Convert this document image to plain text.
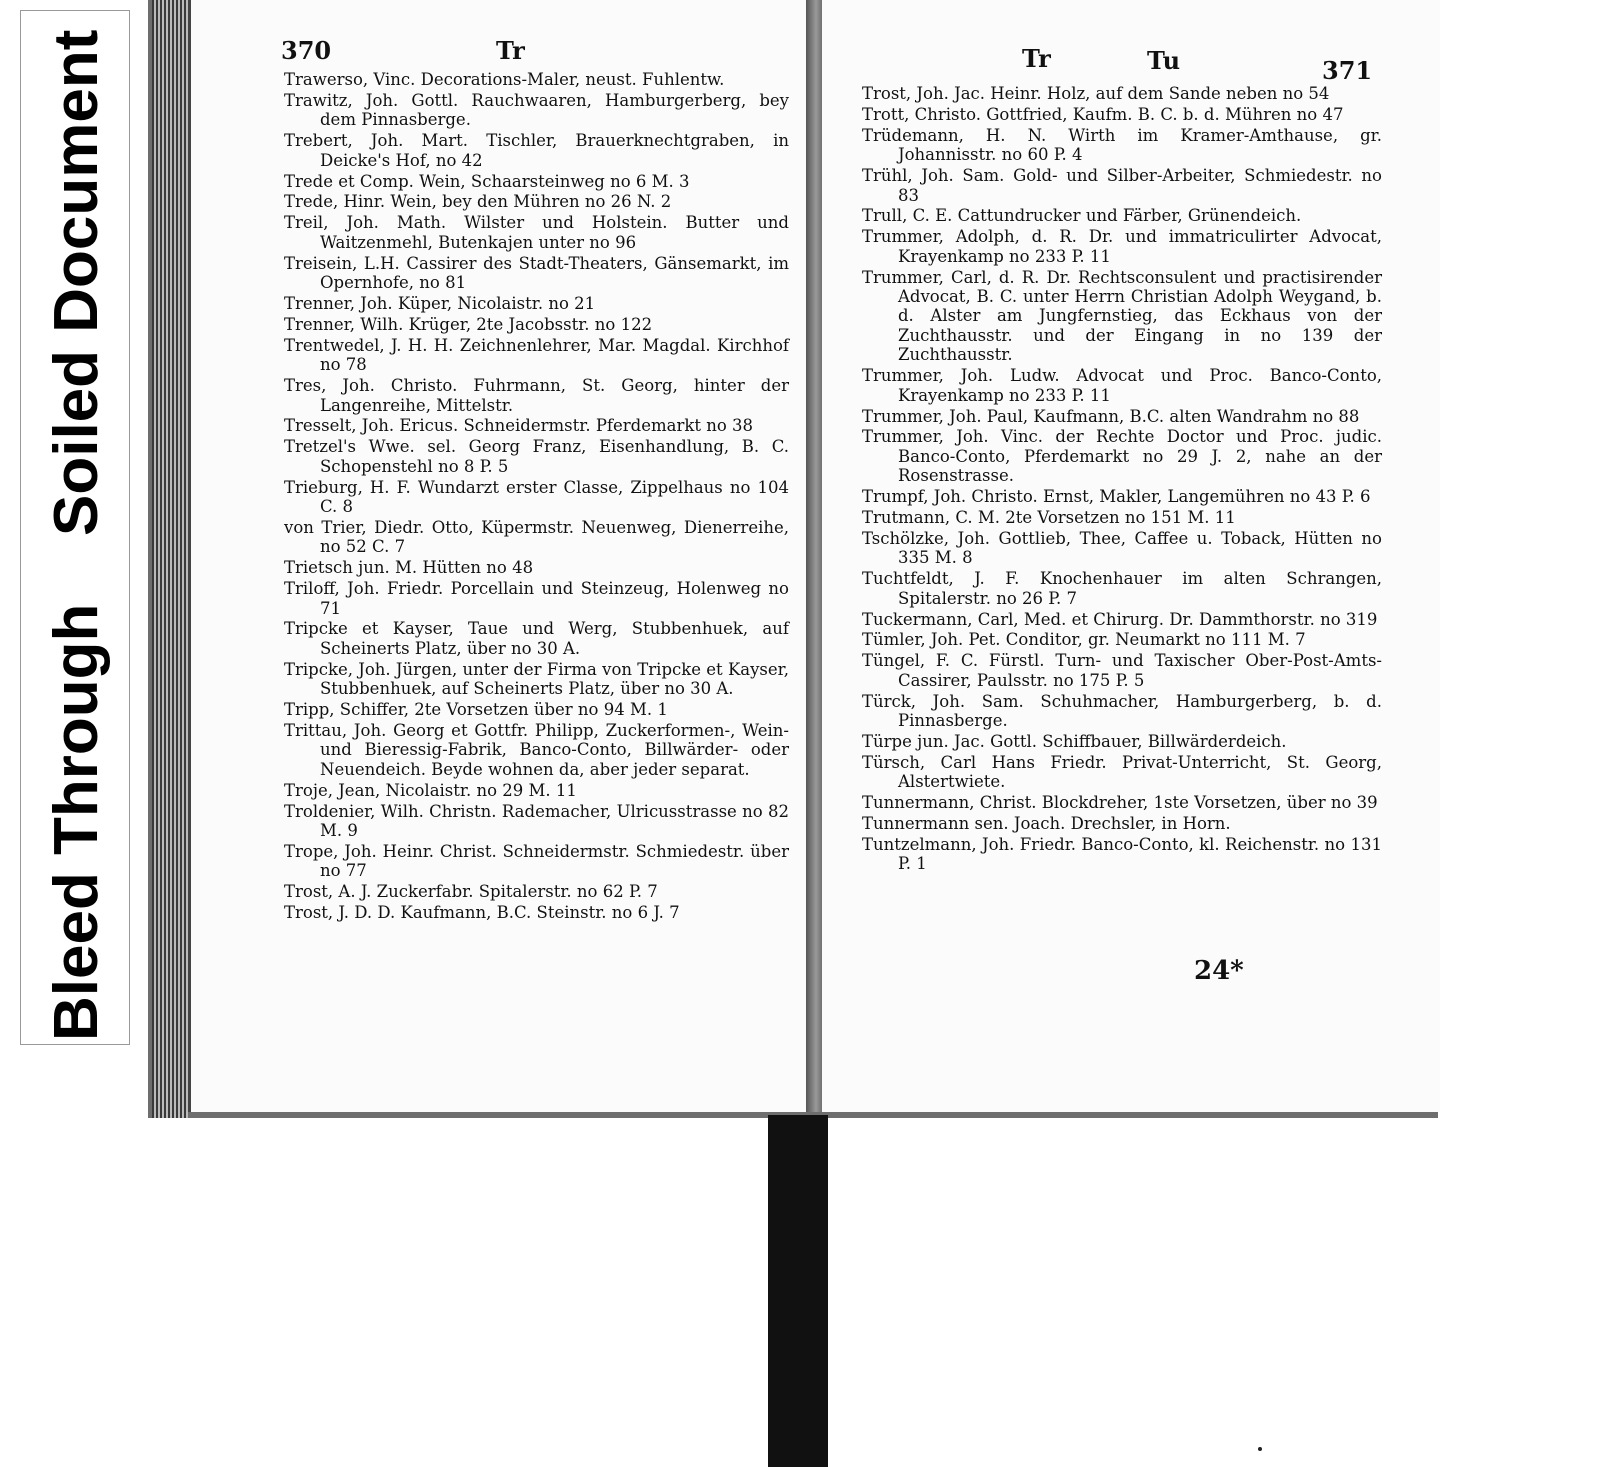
Bleed Through
Soiled Document	370	Tr
Trawerso, Vinc. Decorations-Maler, neust. Fuhlentw.
Trawitz, Joh. Gottl. Rauchwaaren, Hamburgerberg, bey dem Pinnasberge.
Trebert, Joh. Mart. Tischler, Brauerknechtgraben, in Deicke's Hof, no 42
Trede et Comp. Wein, Schaarsteinweg no 6 M. 3
Trede, Hinr. Wein, bey den Mühren no 26 N. 2
Treil, Joh. Math. Wilster und Holstein. Butter und Waitzenmehl, Butenkajen unter no 96
Treisein, L.H. Cassirer des Stadt-Theaters, Gänsemarkt, im Opernhofe, no 81
Trenner, Joh. Küper, Nicolaistr. no 21
Trenner, Wilh. Krüger, 2te Jacobsstr. no 122
Trentwedel, J. H. H. Zeichnenlehrer, Mar. Magdal. Kirchhof no 78
Tres, Joh. Christo. Fuhrmann, St. Georg, hinter der Langenreihe, Mittelstr.
Tresselt, Joh. Ericus. Schneidermstr. Pferdemarkt no 38
Tretzel's Wwe. sel. Georg Franz, Eisenhandlung, B. C. Schopenstehl no 8 P. 5
Trieburg, H. F. Wundarzt erster Classe, Zippelhaus no 104 C. 8
von Trier, Diedr. Otto, Küpermstr. Neuenweg, Dienerreihe, no 52 C. 7
Trietsch jun. M. Hütten no 48
Triloff, Joh. Friedr. Porcellain und Steinzeug, Holenweg no 71
Tripcke et Kayser, Taue und Werg, Stubbenhuek, auf Scheinerts Platz, über no 30 A.
Tripcke, Joh. Jürgen, unter der Firma von Tripcke et Kayser, Stubbenhuek, auf Scheinerts Platz, über no 30 A.
Tripp, Schiffer, 2te Vorsetzen über no 94 M. 1
Trittau, Joh. Georg et Gottfr. Philipp, Zuckerformen-, Wein- und Bieressig-Fabrik, Banco-Conto, Billwärder- oder Neuendeich. Beyde wohnen da, aber jeder separat.
Troje, Jean, Nicolaistr. no 29 M. 11
Troldenier, Wilh. Christn. Rademacher, Ulricusstrasse no 82 M. 9
Trope, Joh. Heinr. Christ. Schneidermstr. Schmiedestr. über no 77
Trost, A. J. Zuckerfabr. Spitalerstr. no 62 P. 7
Trost, J. D. D. Kaufmann, B.C. Steinstr. no 6 J. 7
Tr	Tu	371
Trost, Joh. Jac. Heinr. Holz, auf dem Sande neben no 54
Trott, Christo. Gottfried, Kaufm. B. C. b. d. Mühren no 47
Trüdemann, H. N. Wirth im Kramer-Amthause, gr. Johannisstr. no 60 P. 4
Trühl, Joh. Sam. Gold- und Silber-Arbeiter, Schmiedestr. no 83
Trull, C. E. Cattundrucker und Färber, Grünendeich.
Trummer, Adolph, d. R. Dr. und immatriculirter Advocat, Krayenkamp no 233 P. 11
Trummer, Carl, d. R. Dr. Rechtsconsulent und practisirender Advocat, B. C. unter Herrn Christian Adolph Weygand, b. d. Alster am Jungfernstieg, das Eckhaus von der Zuchthausstr. und der Eingang in no 139 der Zuchthausstr.
Trummer, Joh. Ludw. Advocat und Proc. Banco-Conto, Krayenkamp no 233 P. 11
Trummer, Joh. Paul, Kaufmann, B.C. alten Wandrahm no 88
Trummer, Joh. Vinc. der Rechte Doctor und Proc. judic. Banco-Conto, Pferdemarkt no 29 J. 2, nahe an der Rosenstrasse.
Trumpf, Joh. Christo. Ernst, Makler, Langemühren no 43 P. 6
Trutmann, C. M. 2te Vorsetzen no 151 M. 11
Tschölzke, Joh. Gottlieb, Thee, Caffee u. Toback, Hütten no 335 M. 8
Tuchtfeldt, J. F. Knochenhauer im alten Schrangen, Spitalerstr. no 26 P. 7
Tuckermann, Carl, Med. et Chirurg. Dr. Dammthorstr. no 319
Tümler, Joh. Pet. Conditor, gr. Neumarkt no 111 M. 7
Tüngel, F. C. Fürstl. Turn- und Taxischer Ober-Post-Amts-Cassirer, Paulsstr. no 175 P. 5
Türck, Joh. Sam. Schuhmacher, Hamburgerberg, b. d. Pinnasberge.
Türpe jun. Jac. Gottl. Schiffbauer, Billwärderdeich.
Türsch, Carl Hans Friedr. Privat-Unterricht, St. Georg, Alstertwiete.
Tunnermann, Christ. Blockdreher, 1ste Vorsetzen, über no 39
Tunnermann sen. Joach. Drechsler, in Horn.
Tuntzelmann, Joh. Friedr. Banco-Conto, kl. Reichenstr. no 131 P. 1
24*
